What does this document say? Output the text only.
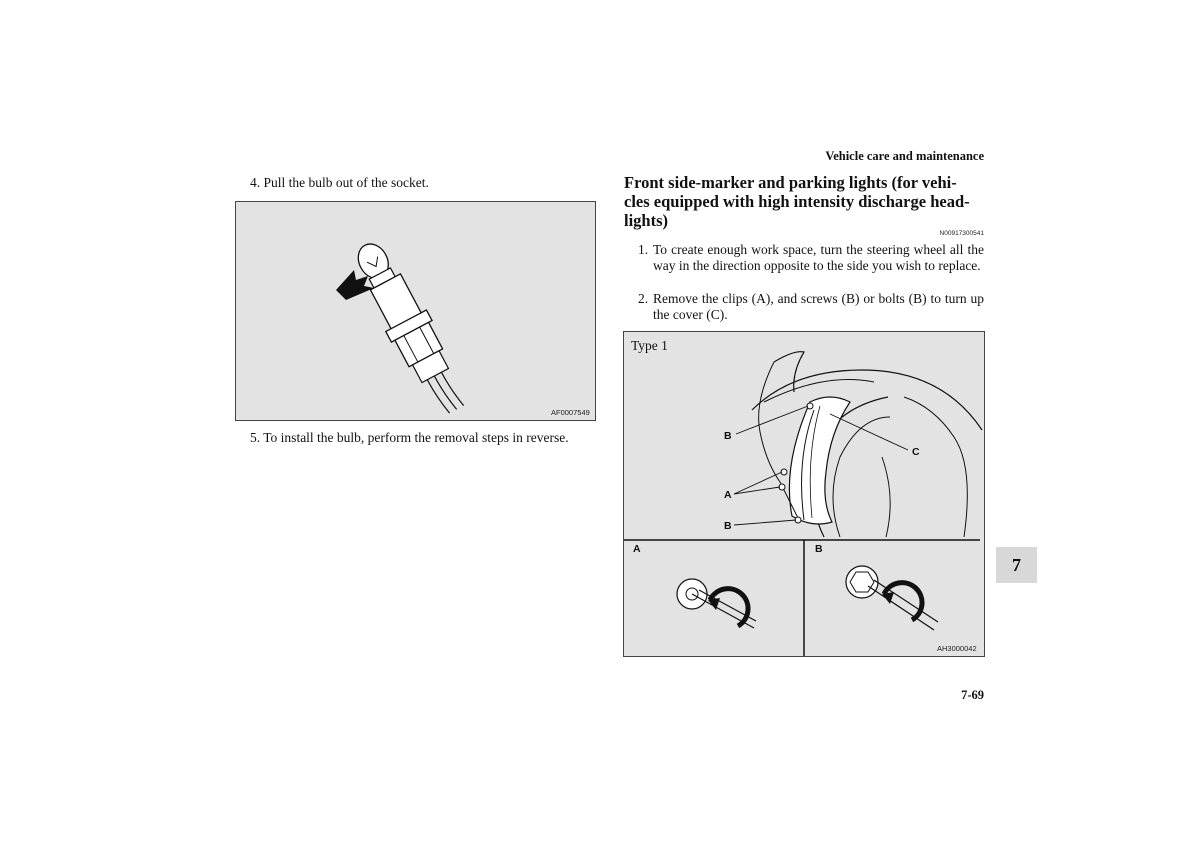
Vehicle care and maintenance
4. Pull the bulb out of the socket.
AF0007549
5. To install the bulb, perform the removal steps in reverse.
Front side-marker and parking lights (for vehi-
cles equipped with high intensity discharge head-
lights)
N00917300541
1. To create enough work space, turn the steering wheel all the way in the direction opposite to the side you wish to replace.
2. Remove the clips (A), and screws (B) or bolts (B) to turn up the cover (C).
Type 1
B
C
A
B
A	B
AH3000042
7
7-69
